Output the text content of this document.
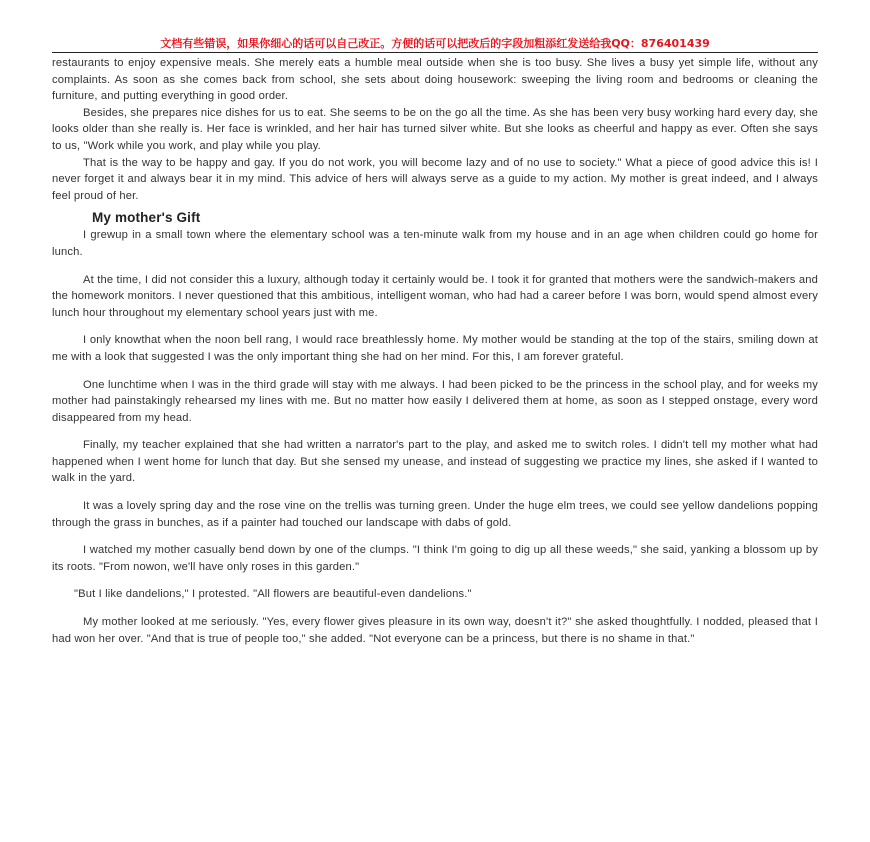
文档有些错误，如果你细心的话可以自己改正。方便的话可以把改后的字段加粗添红发送给我QQ：876401439

restaurants to enjoy expensive meals. She merely eats a humble meal outside when she is too busy. She lives a busy yet simple life, without any complaints. As soon as she comes back from school, she sets about doing housework: sweeping the living room and bedrooms or cleaning the furniture, and putting everything in good order.

Besides, she prepares nice dishes for us to eat. She seems to be on the go all the time. As she has been very busy working hard every day, she looks older than she really is. Her face is wrinkled, and her hair has turned silver white. But she looks as cheerful and happy as ever. Often she says to us, "Work while you work, and play while you play.

That is the way to be happy and gay. If you do not work, you will become lazy and of no use to society." What a piece of good advice this is! I never forget it and always bear it in my mind. This advice of hers will always serve as a guide to my action. My mother is great indeed, and I always feel proud of her.

My mother's Gift

I grewup in a small town where the elementary school was a ten-minute walk from my house and in an age when children could go home for lunch.

At the time, I did not consider this a luxury, although today it certainly would be. I took it for granted that mothers were the sandwich-makers and the homework monitors. I never questioned that this ambitious, intelligent woman, who had had a career before I was born, would spend almost every lunch hour throughout my elementary school years just with me.

I only knowthat when the noon bell rang, I would race breathlessly home. My mother would be standing at the top of the stairs, smiling down at me with a look that suggested I was the only important thing she had on her mind. For this, I am forever grateful.

One lunchtime when I was in the third grade will stay with me always. I had been picked to be the princess in the school play, and for weeks my mother had painstakingly rehearsed my lines with me. But no matter how easily I delivered them at home, as soon as I stepped onstage, every word disappeared from my head.

Finally, my teacher explained that she had written a narrator's part to the play, and asked me to switch roles. I didn't tell my mother what had happened when I went home for lunch that day. But she sensed my unease, and instead of suggesting we practice my lines, she asked if I wanted to walk in the yard.

It was a lovely spring day and the rose vine on the trellis was turning green. Under the huge elm trees, we could see yellow dandelions popping through the grass in bunches, as if a painter had touched our landscape with dabs of gold.

I watched my mother casually bend down by one of the clumps. "I think I'm going to dig up all these weeds," she said, yanking a blossom up by its roots. "From nowon, we'll have only roses in this garden."

"But I like dandelions," I protested. "All flowers are beautiful-even dandelions."

My mother looked at me seriously. "Yes, every flower gives pleasure in its own way, doesn't it?" she asked thoughtfully. I nodded, pleased that I had won her over. "And that is true of people too," she added. "Not everyone can be a princess, but there is no shame in that."
